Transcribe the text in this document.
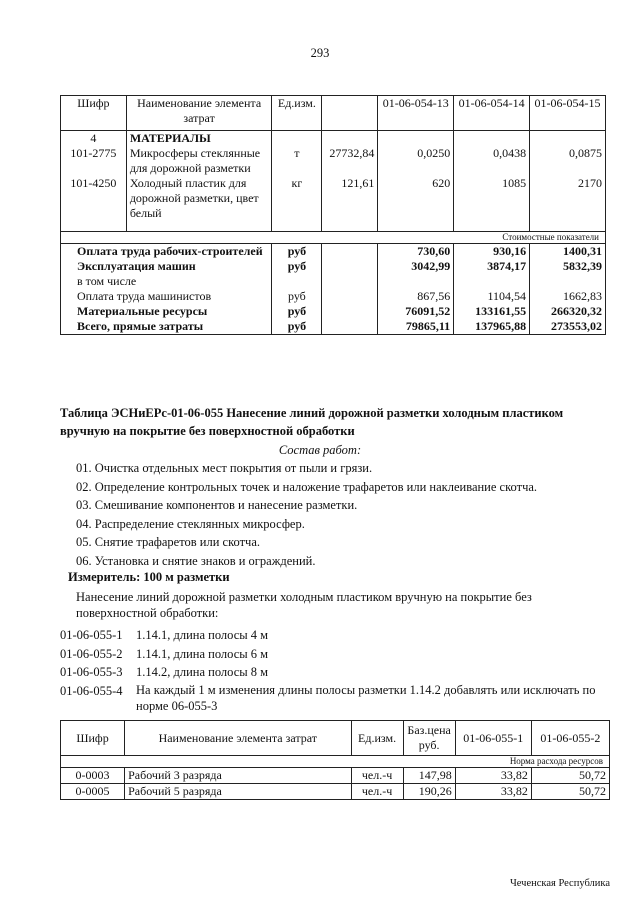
293
Шифр	Наименование элемента затрат	Ед.изм.		01-06-054-13	01-06-054-14	01-06-054-15
4	МАТЕРИАЛЫ					
101-2775	Микросферы стеклянные для дорожной разметки	т	27732,84	0,0250	0,0438	0,0875
101-4250	Холодный пластик для дорожной разметки, цвет белый	кг	121,61	620	1085	2170

Стоимостные показатели						
Оплата труда рабочих-строителей		руб		730,60	930,16	1400,31
Эксплуатация машин		руб		3042,99	3874,17	5832,39
в том числе						
Оплата труда машинистов		руб		867,56	1104,54	1662,83
Материальные ресурсы		руб		76091,52	133161,55	266320,32
Всего, прямые затраты		руб		79865,11	137965,88	273553,02
Таблица ЭСНиЕРс-01-06-055 Нанесение линий дорожной разметки холодным пластиком вручную на покрытие без поверхностной обработки
Состав работ:
01. Очистка отдельных мест покрытия от пыли и грязи.
02. Определение контрольных точек и наложение трафаретов или наклеивание скотча.
03. Смешивание компонентов и нанесение разметки.
04. Распределение стеклянных микросфер.
05. Снятие трафаретов или скотча.
06. Установка и снятие знаков и ограждений.
Измеритель: 100 м разметки
Нанесение линий дорожной разметки холодным пластиком вручную на покрытие без поверхностной обработки:
01-06-055-1	1.14.1, длина полосы 4 м
01-06-055-2	1.14.1, длина полосы 6 м
01-06-055-3	1.14.2, длина полосы 8 м
01-06-055-4	На каждый 1 м изменения длины полосы разметки 1.14.2 добавлять или исключать по норме 06-055-3
Шифр	Наименование элемента затрат	Ед.изм.	Баз.цена руб.	01-06-055-1	01-06-055-2
Норма расхода ресурсов					
0-0003	Рабочий 3 разряда	чел.-ч	147,98	33,82	50,72
0-0005	Рабочий 5 разряда	чел.-ч	190,26	33,82	50,72
Чеченская Республика
